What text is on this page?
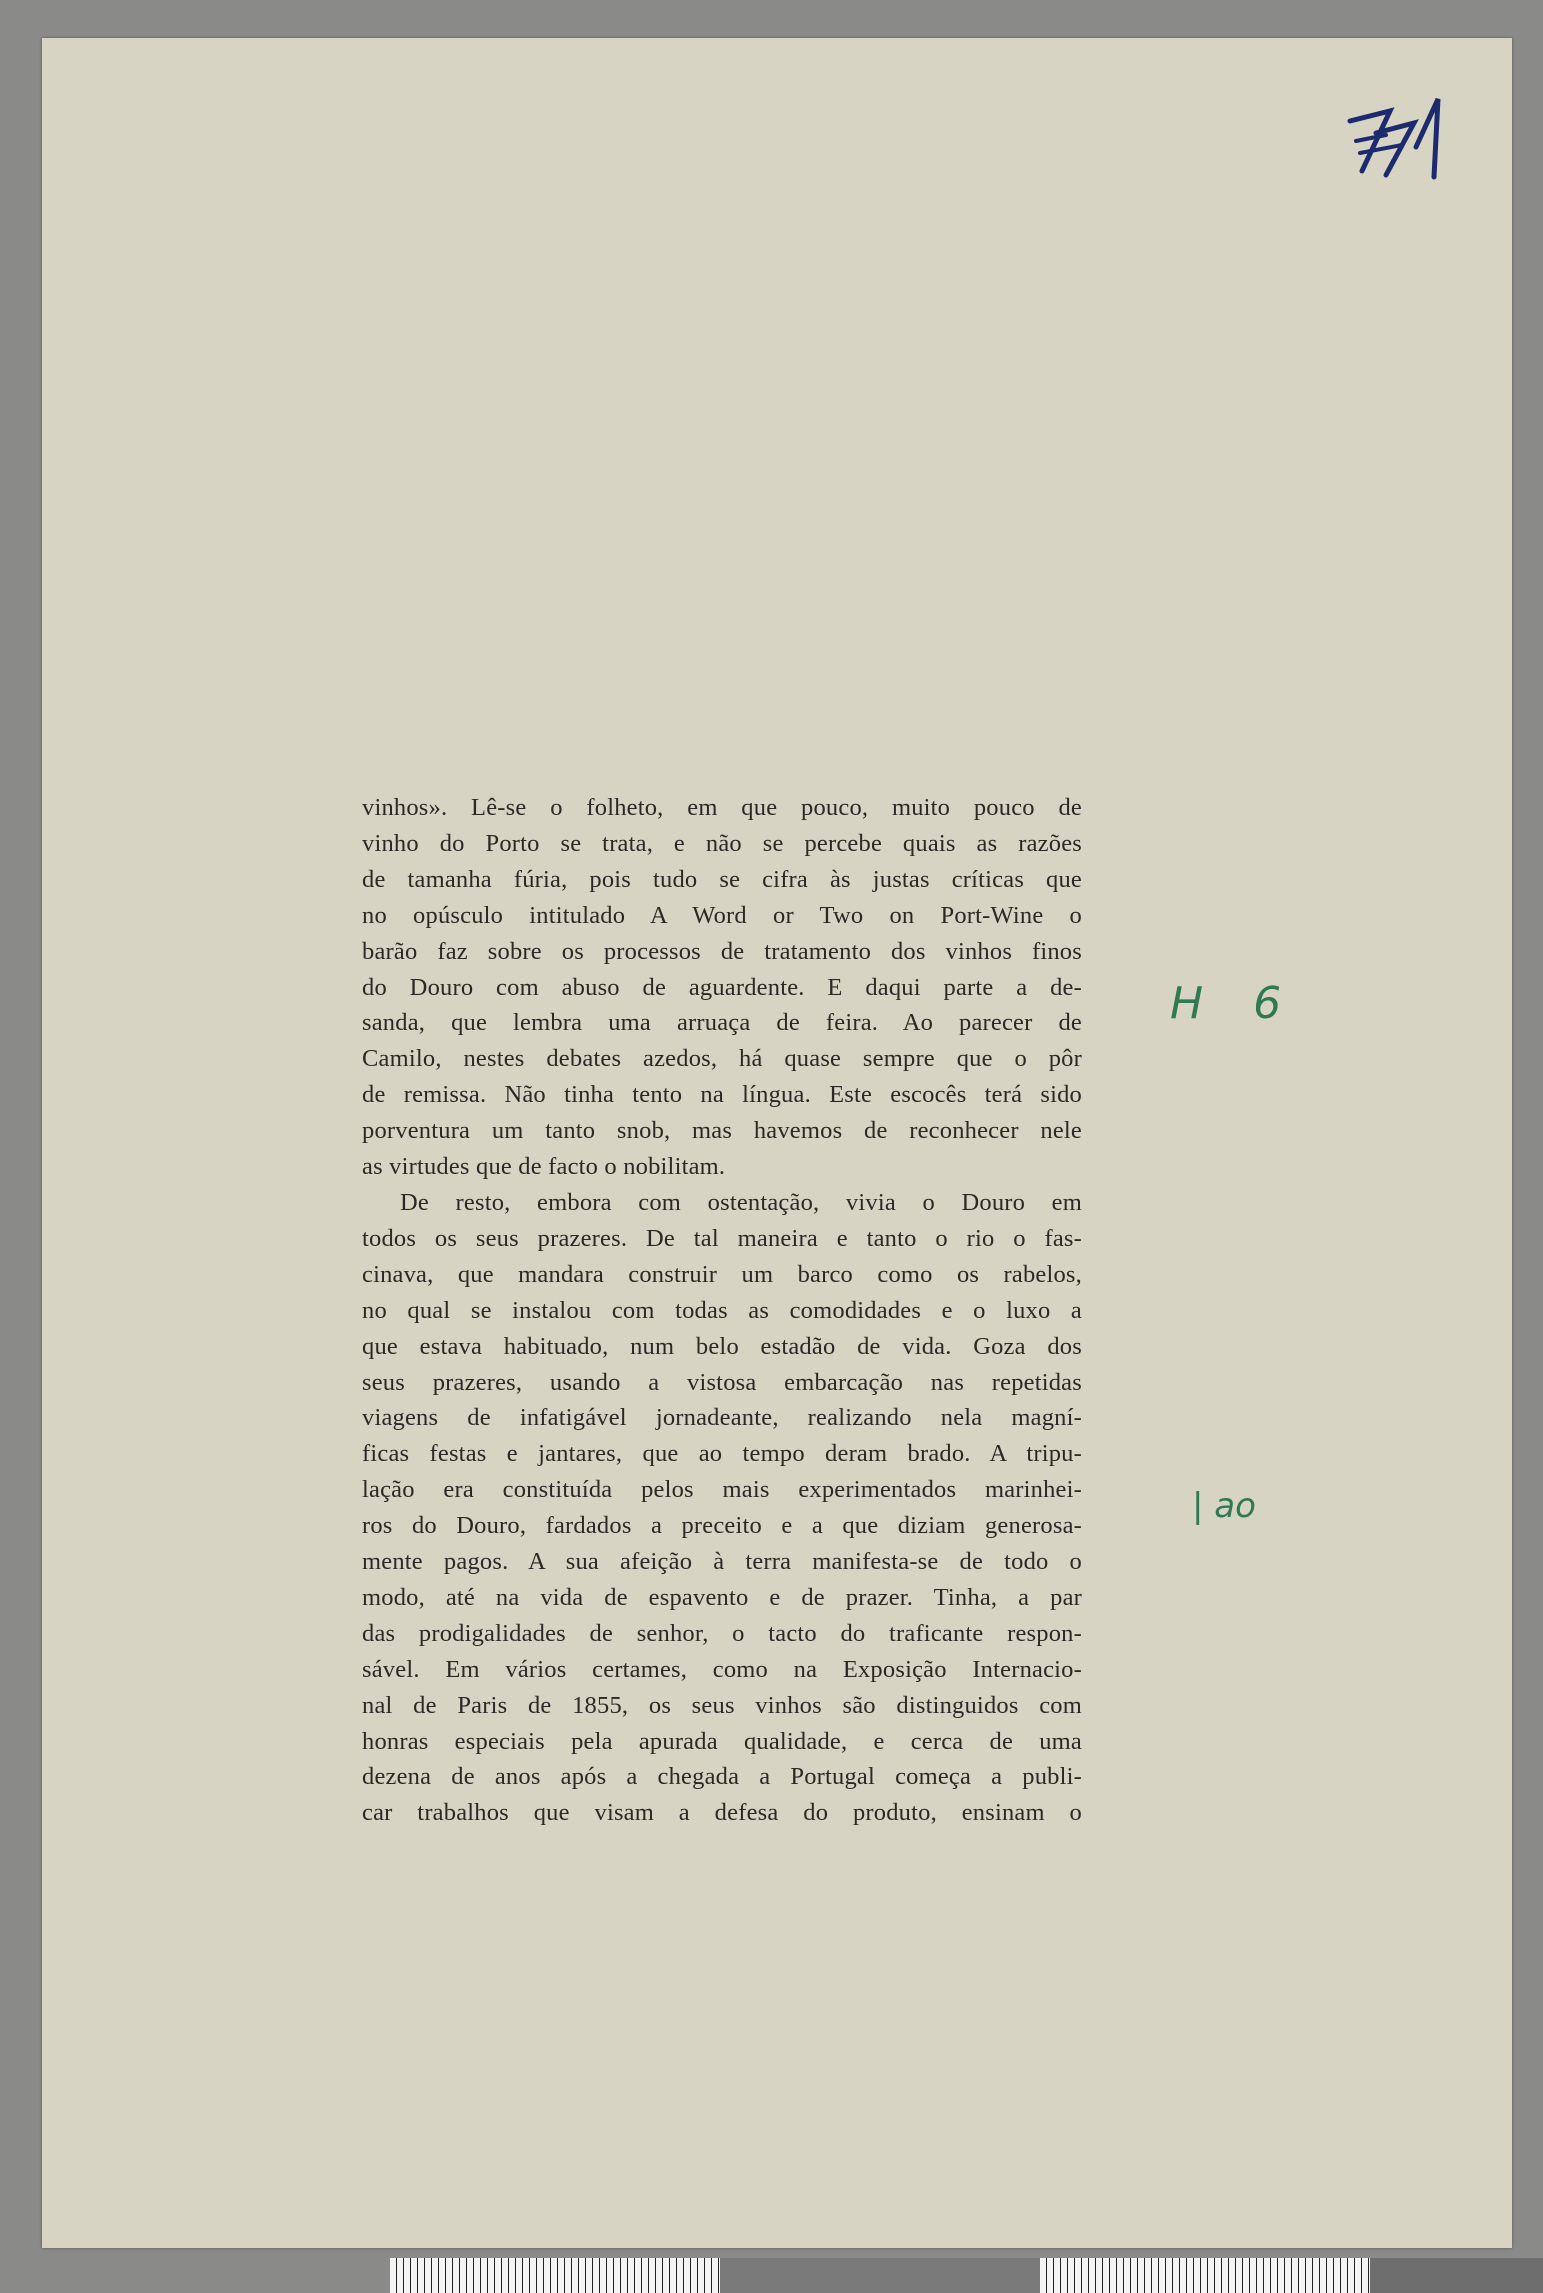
vinhos». Lê-se o folheto, em que pouco, muito pouco de
vinho do Porto se trata, e não se percebe quais as razões
de tamanha fúria, pois tudo se cifra às justas críticas que
no opúsculo intitulado A Word or Two on Port-Wine o
barão faz sobre os processos de tratamento dos vinhos finos
do Douro com abuso de aguardente. E daqui parte a de-
sanda, que lembra uma arruaça de feira. Ao parecer de
Camilo, nestes debates azedos, há quase sempre que o pôr
de remissa. Não tinha tento na língua. Este escocês terá sido
porventura um tanto snob, mas havemos de reconhecer nele
as virtudes que de facto o nobilitam.
De resto, embora com ostentação, vivia o Douro em
todos os seus prazeres. De tal maneira e tanto o rio o fas-
cinava, que mandara construir um barco como os rabelos,
no qual se instalou com todas as comodidades e o luxo a
que estava habituado, num belo estadão de vida. Goza dos
seus prazeres, usando a vistosa embarcação nas repetidas
viagens de infatigável jornadeante, realizando nela magní-
ficas festas e jantares, que ao tempo deram brado. A tripu-
lação era constituída pelos mais experimentados marinhei-
ros do Douro, fardados a preceito e a que diziam generosa-
mente pagos. A sua afeição à terra manifesta-se de todo o
modo, até na vida de espavento e de prazer. Tinha, a par
das prodigalidades de senhor, o tacto do traficante respon-
sável. Em vários certames, como na Exposição Internacio-
nal de Paris de 1855, os seus vinhos são distinguidos com
honras especiais pela apurada qualidade, e cerca de uma
dezena de anos após a chegada a Portugal começa a publi-
car trabalhos que visam a defesa do produto, ensinam o
H 6
| ao
